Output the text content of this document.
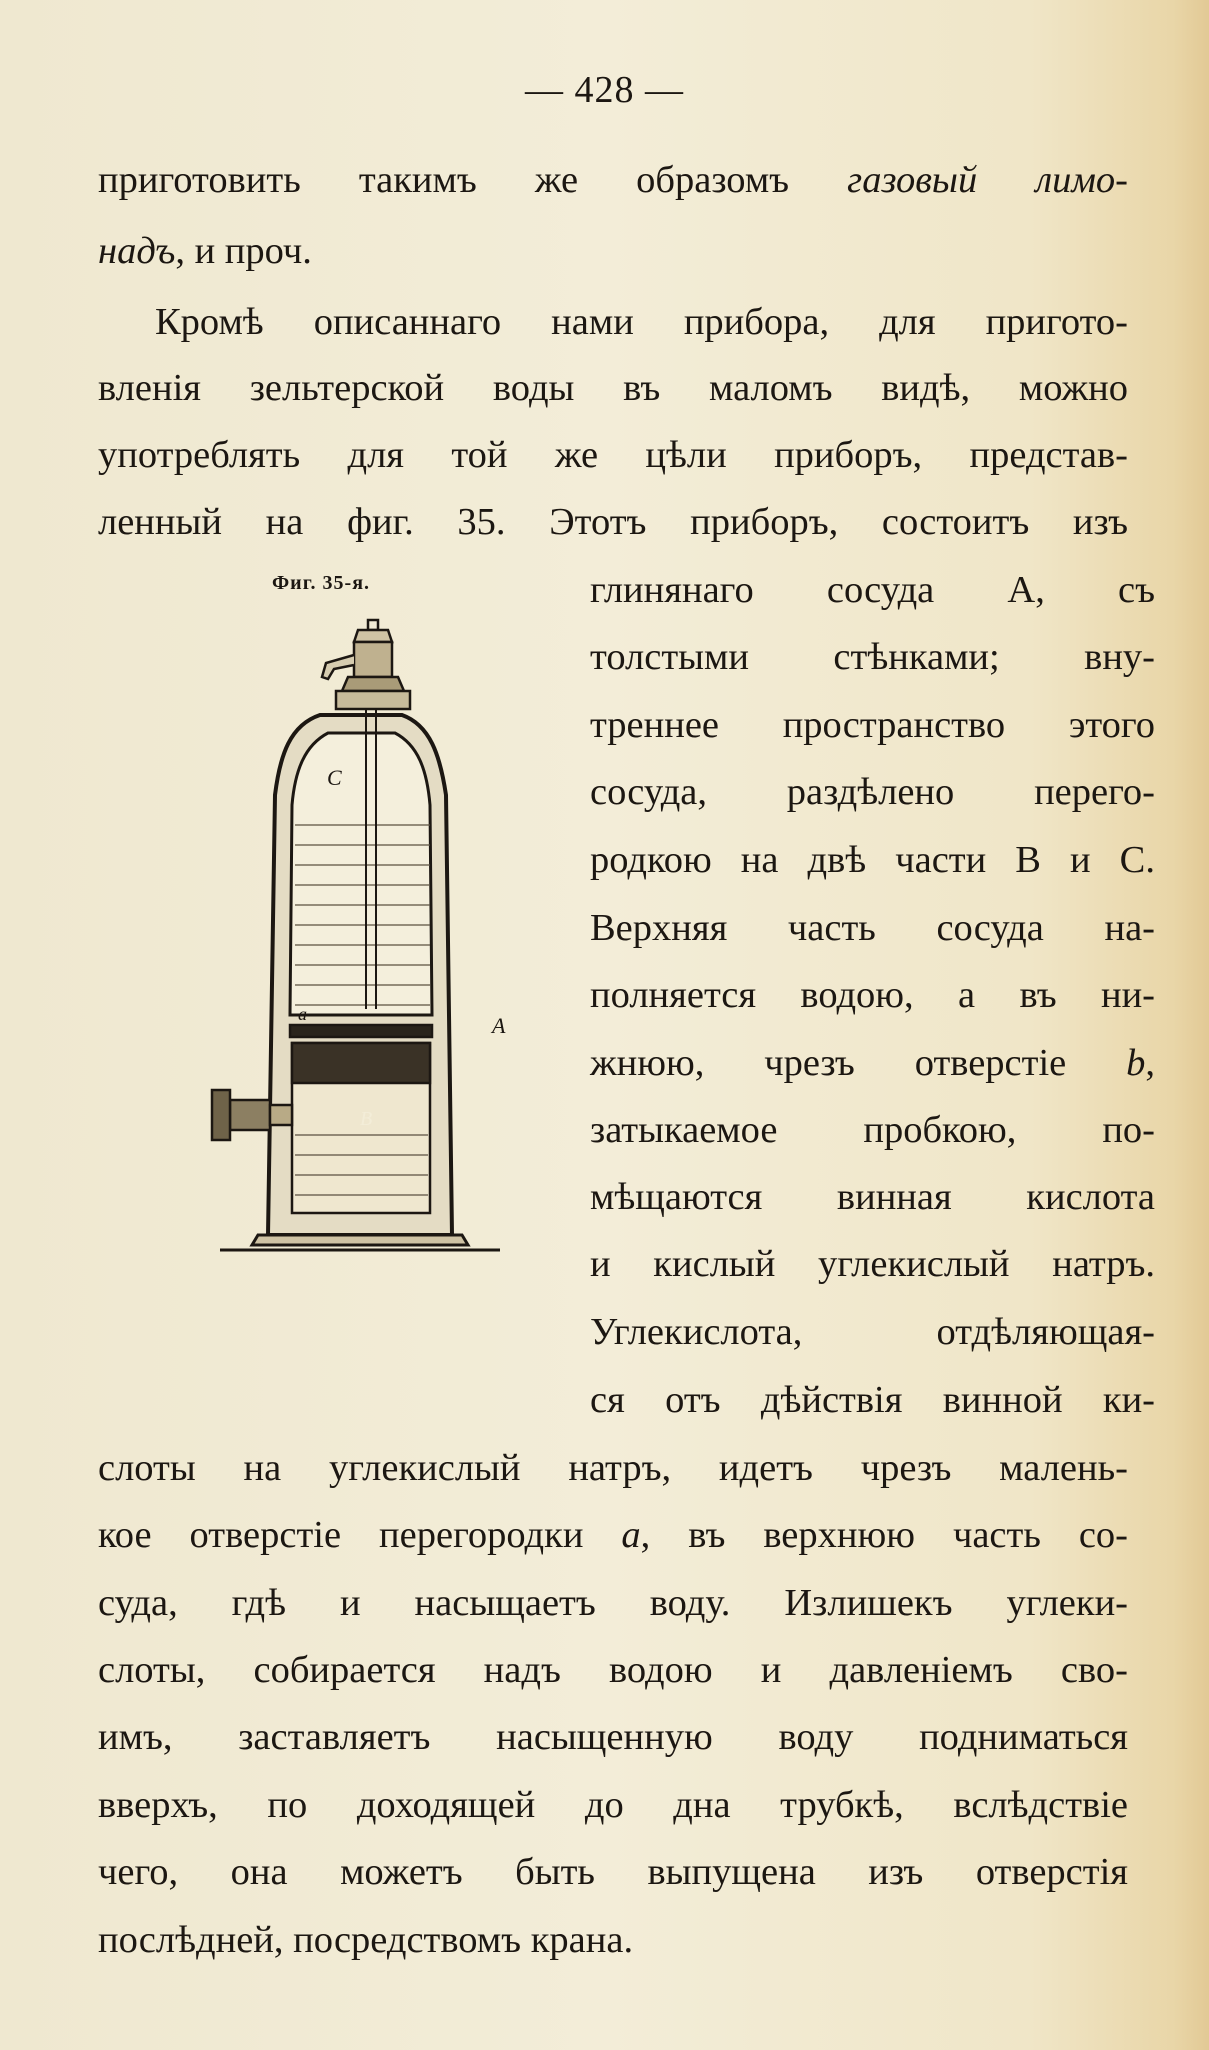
— 428 —
приготовить такимъ же образомъ газовый лимо-
надъ, и проч.
Кромѣ описаннаго нами прибора, для пригото-
вленія зельтерской воды въ маломъ видѣ, можно
употреблять для той же цѣли приборъ, представ-
ленный на фиг. 35. Этотъ приборъ, состоитъ изъ
Фиг. 35-я.	глинянаго сосуда А, съ
толстыми стѣнками; вну-
треннее пространство этого
сосуда, раздѣлено перего-
родкою на двѣ части В и С.
Верхняя часть сосуда на-
полняется водою, а въ ни-
жнюю, чрезъ отверстіе b,
затыкаемое пробкою, по-
мѣщаются винная кислота
и кислый углекислый натръ.
Углекислота, отдѣляющая-
ся отъ дѣйствія винной ки-
слоты на углекислый натръ, идетъ чрезъ малень-
кое отверстіе перегородки a, въ верхнюю часть со-
суда, гдѣ и насыщаетъ воду. Излишекъ углеки-
слоты, собирается надъ водою и давленіемъ сво-
имъ, заставляетъ насыщенную воду подниматься
вверхъ, по доходящей до дна трубкѣ, вслѣдствіе
чего, она можетъ быть выпущена изъ отверстія
послѣдней, посредствомъ крана.
C
a	A
B
